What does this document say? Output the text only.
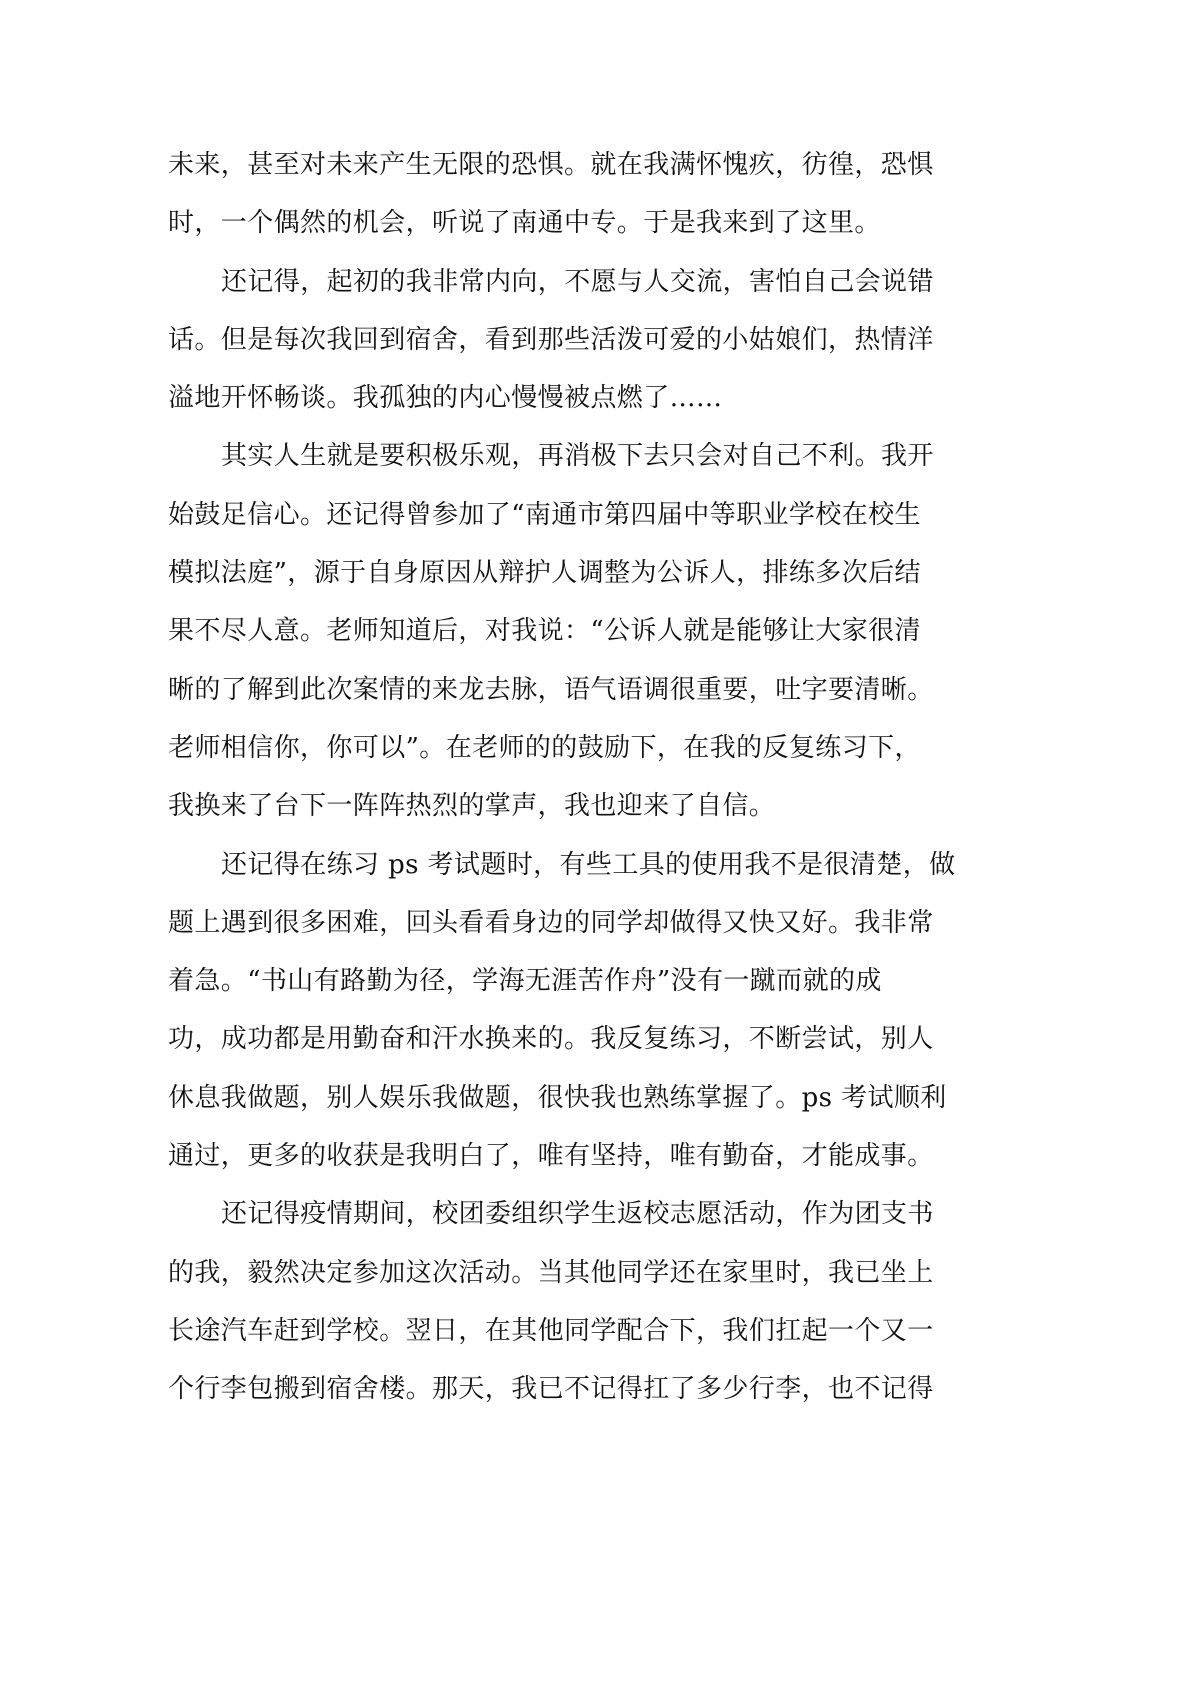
未来，甚至对未来产生无限的恐惧。就在我满怀愧疚，彷徨，恐惧
时，一个偶然的机会，听说了南通中专。于是我来到了这里。
还记得，起初的我非常内向，不愿与人交流，害怕自己会说错
话。但是每次我回到宿舍，看到那些活泼可爱的小姑娘们，热情洋
溢地开怀畅谈。我孤独的内心慢慢被点燃了……
其实人生就是要积极乐观，再消极下去只会对自己不利。我开
始鼓足信心。还记得曾参加了“南通市第四届中等职业学校在校生
模拟法庭”，源于自身原因从辩护人调整为公诉人，排练多次后结
果不尽人意。老师知道后，对我说：“公诉人就是能够让大家很清
晰的了解到此次案情的来龙去脉，语气语调很重要，吐字要清晰。
老师相信你，你可以”。在老师的的鼓励下，在我的反复练习下，
我换来了台下一阵阵热烈的掌声，我也迎来了自信。
还记得在练习 ps 考试题时，有些工具的使用我不是很清楚，做
题上遇到很多困难，回头看看身边的同学却做得又快又好。我非常
着急。“书山有路勤为径，学海无涯苦作舟”没有一蹴而就的成
功，成功都是用勤奋和汗水换来的。我反复练习，不断尝试，别人
休息我做题，别人娱乐我做题，很快我也熟练掌握了。ps 考试顺利
通过，更多的收获是我明白了，唯有坚持，唯有勤奋，才能成事。
还记得疫情期间，校团委组织学生返校志愿活动，作为团支书
的我，毅然决定参加这次活动。当其他同学还在家里时，我已坐上
长途汽车赶到学校。翌日，在其他同学配合下，我们扛起一个又一
个行李包搬到宿舍楼。那天，我已不记得扛了多少行李，也不记得
